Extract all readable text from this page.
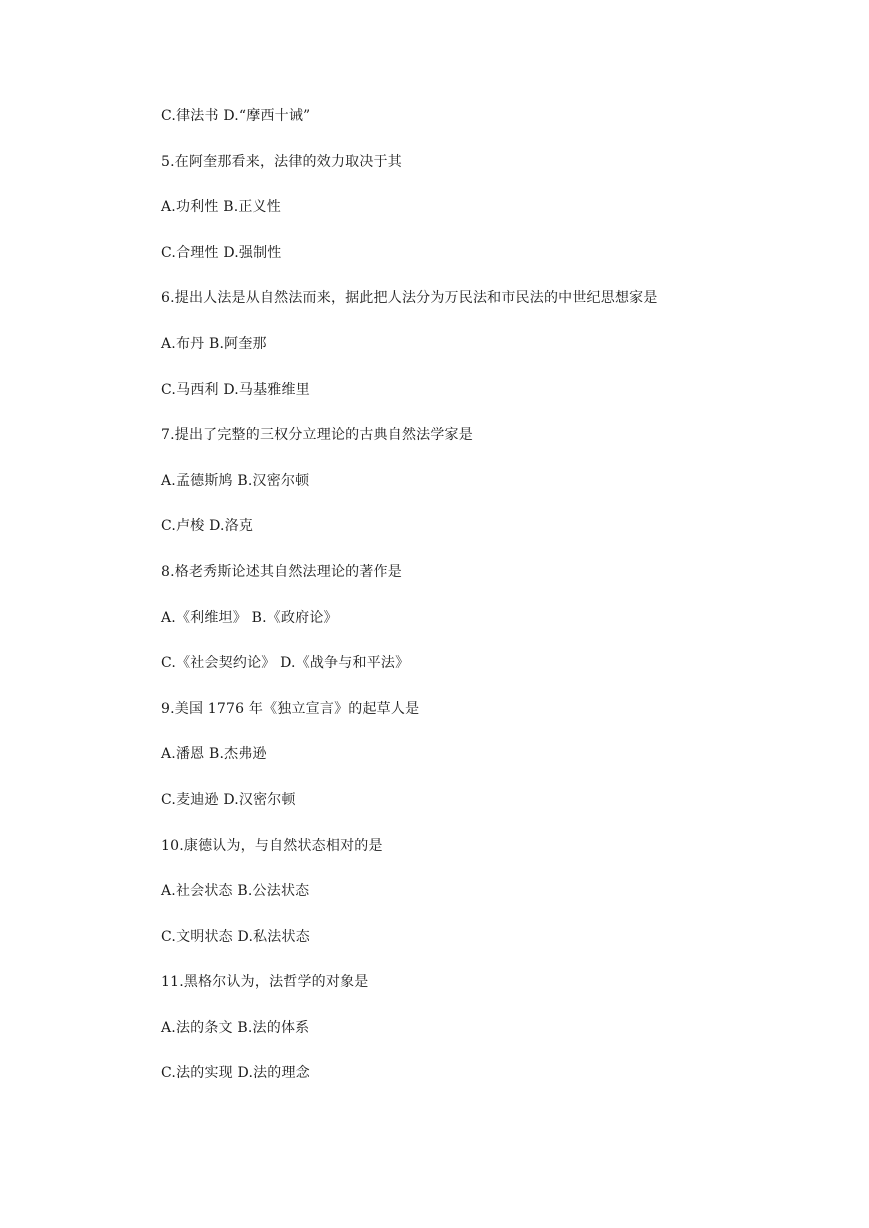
C.律法书 D.“摩西十诫”
5.在阿奎那看来，法律的效力取决于其
A.功利性 B.正义性
C.合理性 D.强制性
6.提出人法是从自然法而来，据此把人法分为万民法和市民法的中世纪思想家是
A.布丹 B.阿奎那
C.马西利 D.马基雅维里
7.提出了完整的三权分立理论的古典自然法学家是
A.孟德斯鸠 B.汉密尔顿
C.卢梭 D.洛克
8.格老秀斯论述其自然法理论的著作是
A.《利维坦》 B.《政府论》
C.《社会契约论》 D.《战争与和平法》
9.美国 1776 年《独立宣言》的起草人是
A.潘恩 B.杰弗逊
C.麦迪逊 D.汉密尔顿
10.康德认为，与自然状态相对的是
A.社会状态 B.公法状态
C.文明状态 D.私法状态
11.黑格尔认为，法哲学的对象是
A.法的条文 B.法的体系
C.法的实现 D.法的理念
